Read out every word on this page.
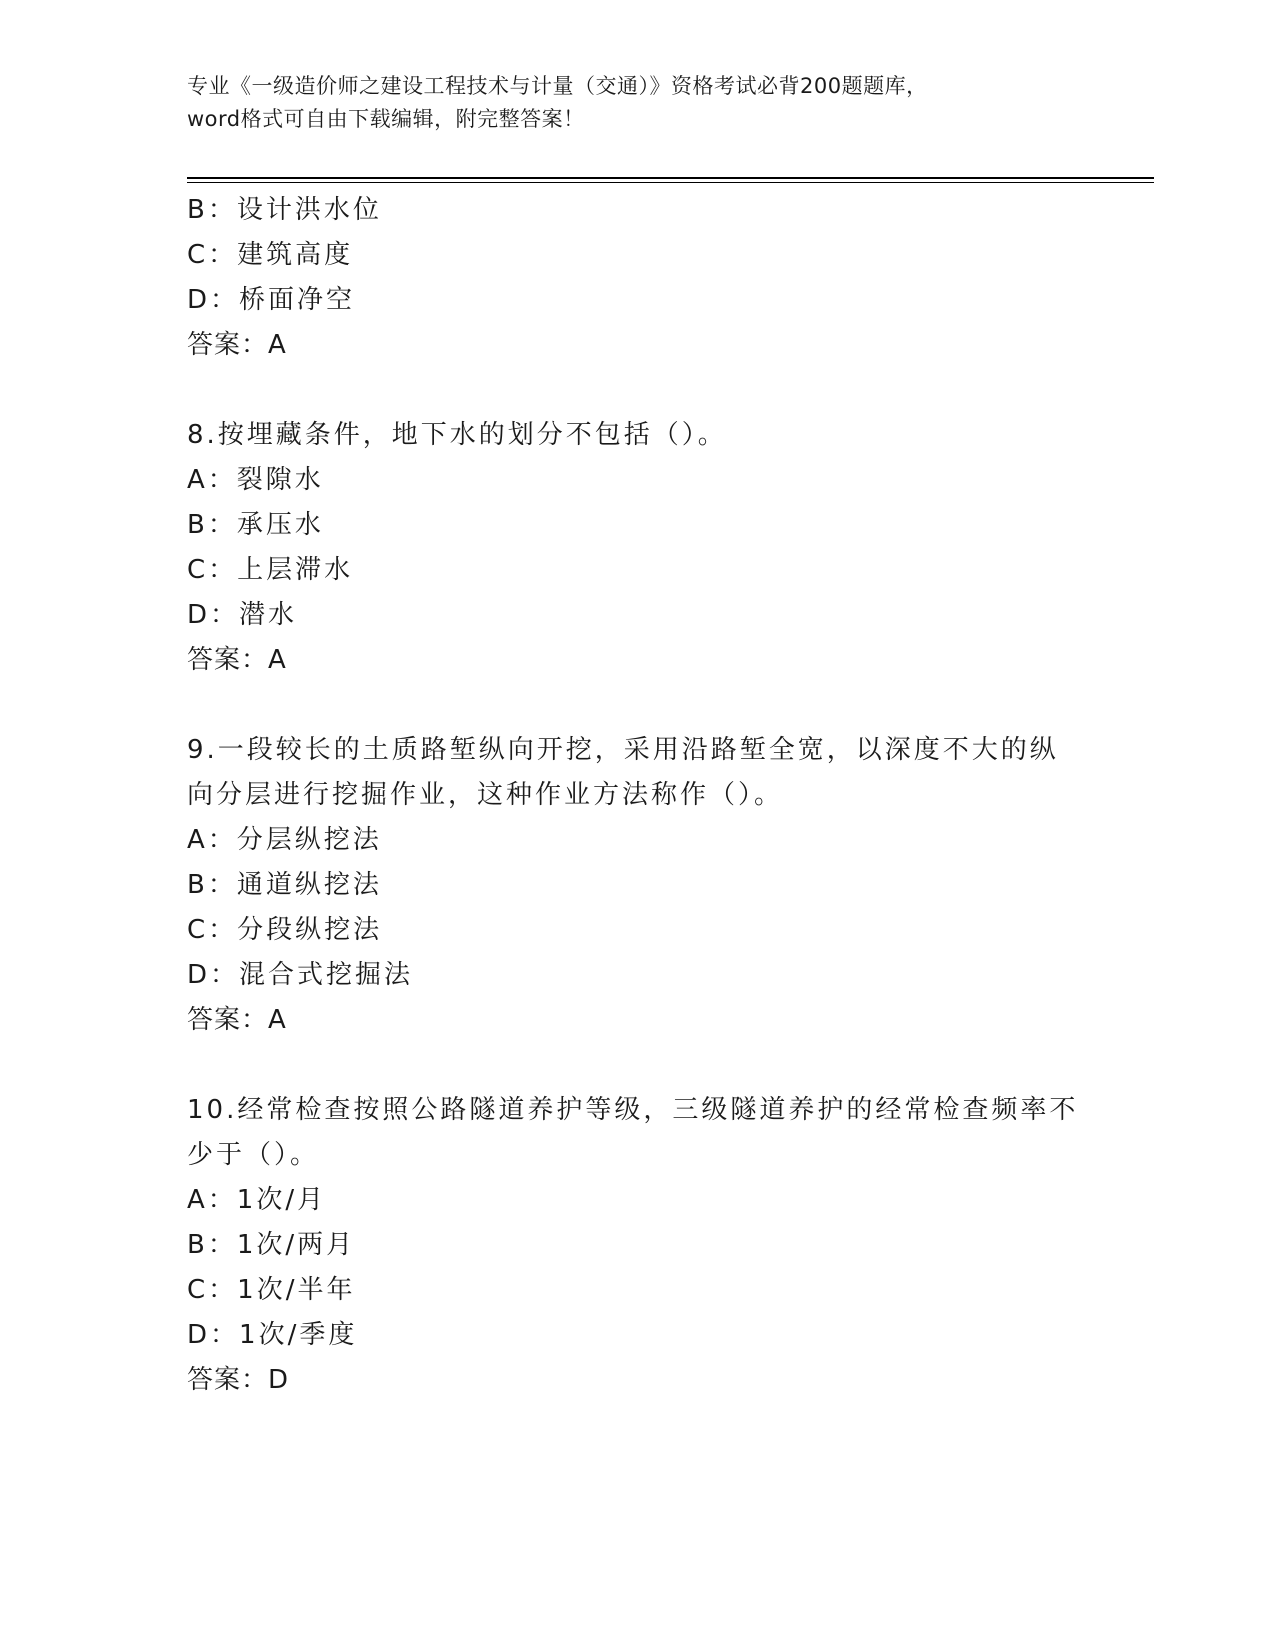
专业《一级造价师之建设工程技术与计量（交通）》资格考试必背200题题库，
word格式可自由下载编辑，附完整答案！
B：设计洪水位
C：建筑高度
D：桥面净空
答案：A
8.按埋藏条件，地下水的划分不包括（）。
A：裂隙水
B：承压水
C：上层滞水
D：潜水
答案：A
9.一段较长的土质路堑纵向开挖，采用沿路堑全宽，以深度不大的纵
向分层进行挖掘作业，这种作业方法称作（）。
A：分层纵挖法
B：通道纵挖法
C：分段纵挖法
D：混合式挖掘法
答案：A
10.经常检查按照公路隧道养护等级，三级隧道养护的经常检查频率不
少于（）。
A：1次/月
B：1次/两月
C：1次/半年
D：1次/季度
答案：D
